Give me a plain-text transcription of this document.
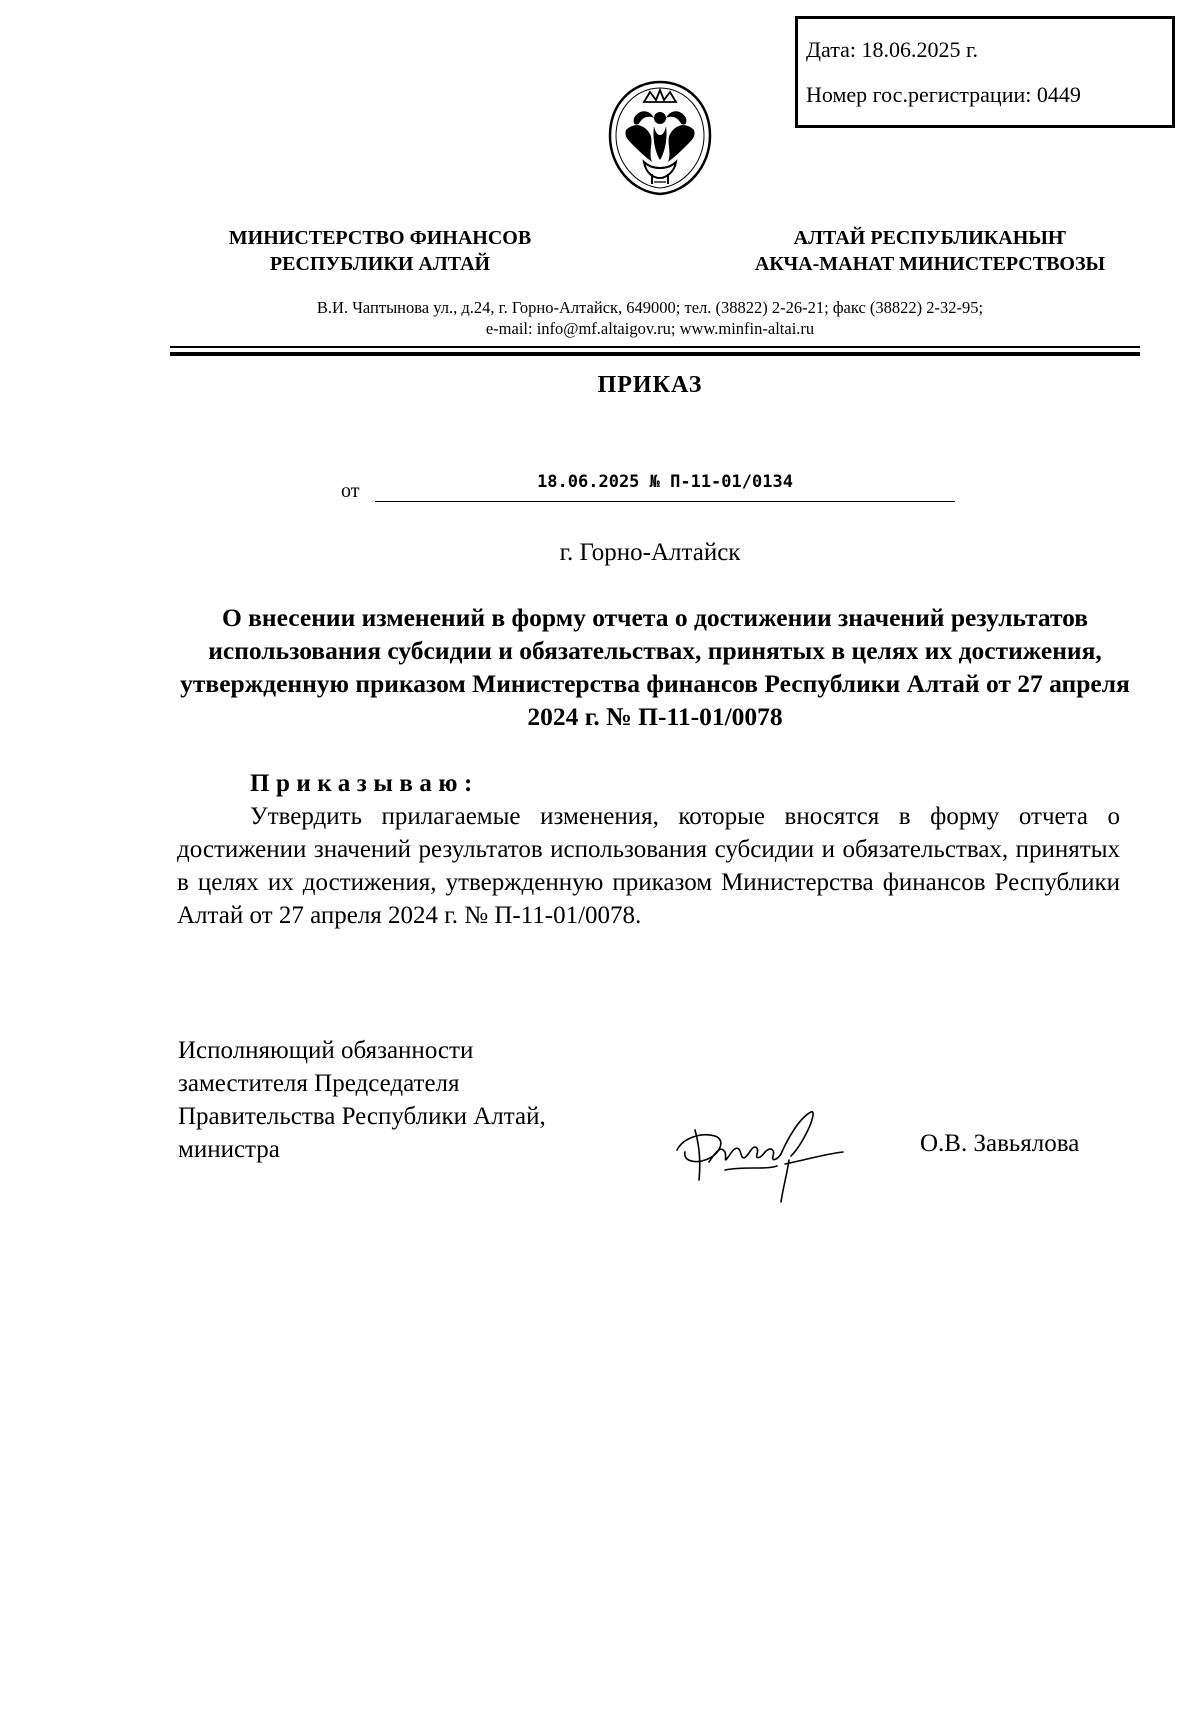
Дата: 18.06.2025 г.
Номер гос.регистрации: 0449
МИНИСТЕРСТВО ФИНАНСОВ
РЕСПУБЛИКИ АЛТАЙ
АЛТАЙ РЕСПУБЛИКАНЫҤ
АКЧА-МАНАТ МИНИСТЕРСТВОЗЫ
В.И. Чаптынова ул., д.24, г. Горно-Алтайск, 649000; тел. (38822) 2-26-21; факс (38822) 2-32-95;
e-mail: info@mf.altaigov.ru; www.minfin-altai.ru
ПРИКАЗ
от	18.06.2025 № П-11-01/0134
г. Горно-Алтайск
О внесении изменений в форму отчета о достижении значений результатов использования субсидии и обязательствах, принятых в целях их достижения, утвержденную приказом Министерства финансов Республики Алтай от 27 апреля 2024 г. № П-11-01/0078
Приказываю:
Утвердить прилагаемые изменения, которые вносятся в форму отчета о достижении значений результатов использования субсидии и обязательствах, принятых в целях их достижения, утвержденную приказом Министерства финансов Республики Алтай от 27 апреля 2024 г. № П-11-01/0078.
Исполняющий обязанности
заместителя Председателя
Правительства Республики Алтай,
министра	О.В. Завьялова
